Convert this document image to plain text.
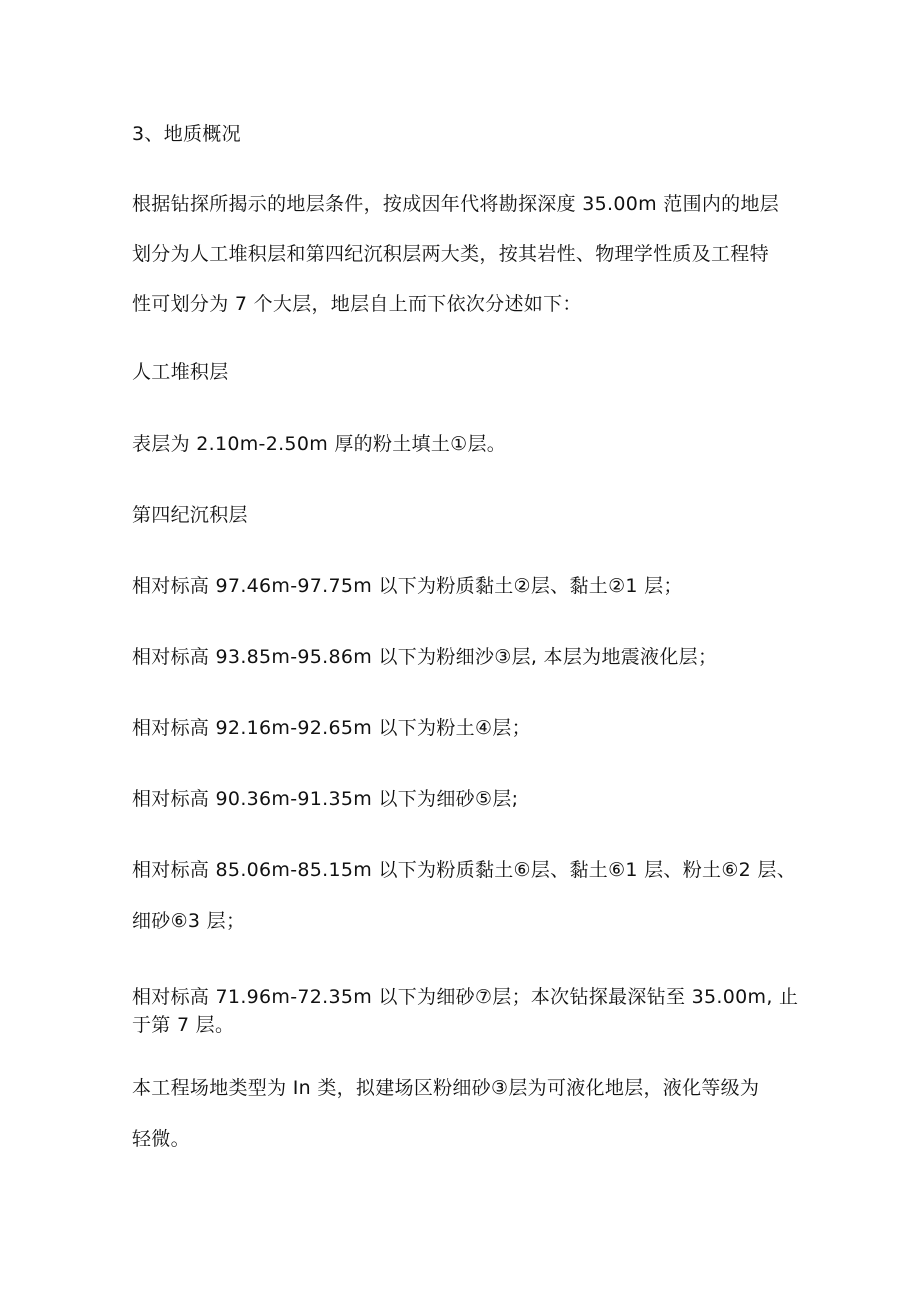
3、地质概况
根据钻探所揭示的地层条件，按成因年代将勘探深度 35.00m 范围内的地层
划分为人工堆积层和第四纪沉积层两大类，按其岩性、物理学性质及工程特
性可划分为 7 个大层，地层自上而下依次分述如下：
人工堆积层
表层为 2.10m-2.50m 厚的粉土填土①层。
第四纪沉积层
相对标高 97.46m-97.75m 以下为粉质黏土②层、黏土②1 层；
相对标高 93.85m-95.86m 以下为粉细沙③层, 本层为地震液化层；
相对标高 92.16m-92.65m 以下为粉土④层；
相对标高 90.36m-91.35m 以下为细砂⑤层;
相对标高 85.06m-85.15m 以下为粉质黏土⑥层、黏土⑥1 层、粉土⑥2 层、
细砂⑥3 层；
相对标高 71.96m-72.35m 以下为细砂⑦层；本次钻探最深钻至 35.00m, 止
于第 7 层。
本工程场地类型为 In 类，拟建场区粉细砂③层为可液化地层，液化等级为
轻微。
